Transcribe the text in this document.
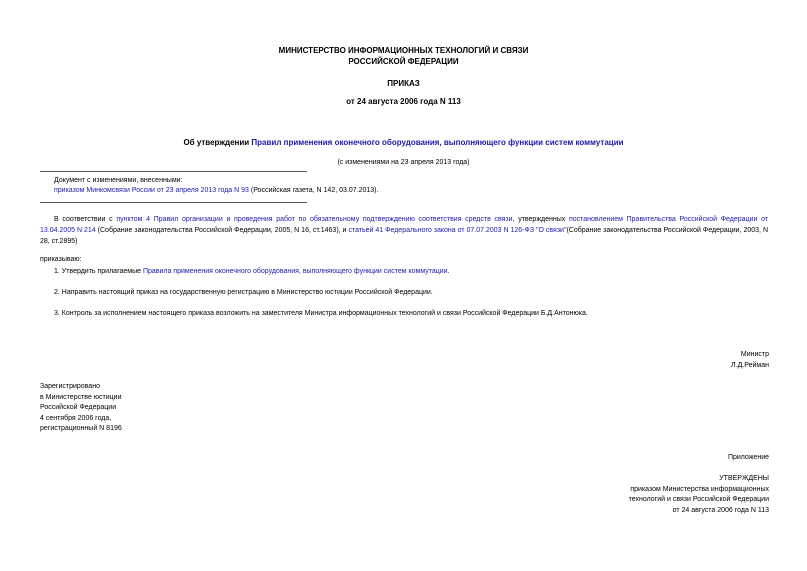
МИНИСТЕРСТВО ИНФОРМАЦИОННЫХ ТЕХНОЛОГИЙ И СВЯЗИ
РОССИЙСКОЙ ФЕДЕРАЦИИ
ПРИКАЗ
от 24 августа 2006 года N 113
Об утверждении Правил применения оконечного оборудования, выполняющего функции систем коммутации
(с изменениями на 23 апреля 2013 года)
Документ с изменениями, внесенными:
приказом Минкомсвязи России от 23 апреля 2013 года N 93 (Российская газета, N 142, 03.07.2013).
В соответствии с пунктом 4 Правил организации и проведения работ по обязательному подтверждению соответствия средств связи, утвержденных постановлением Правительства Российской Федерации от 13.04.2005 N 214 (Собрание законодательства Российской Федерации, 2005, N 16, ст.1463), и статьей 41 Федерального закона от 07.07.2003 N 126-ФЗ "О связи"(Собрание законодательства Российской Федерации, 2003, N 28, ст.2895)
приказываю:
1. Утвердить прилагаемые Правила применения оконечного оборудования, выполняющего функции систем коммутации.
2. Направить настоящий приказ на государственную регистрацию в Министерство юстиции Российской Федерации.
3. Контроль за исполнением настоящего приказа возложить на заместителя Министра информационных технологий и связи Российской Федерации Б.Д.Антонюка.
Министр
Л.Д.Рейман

Зарегистрировано

в Министерстве юстиции

Российской Федерации

4 сентября 2006 года,

регистрационный N 8196

Приложение

УТВЕРЖДЕНЫ

приказом Министерства информационных

технологий и связи Российской Федерации

от 24 августа 2006 года N 113
